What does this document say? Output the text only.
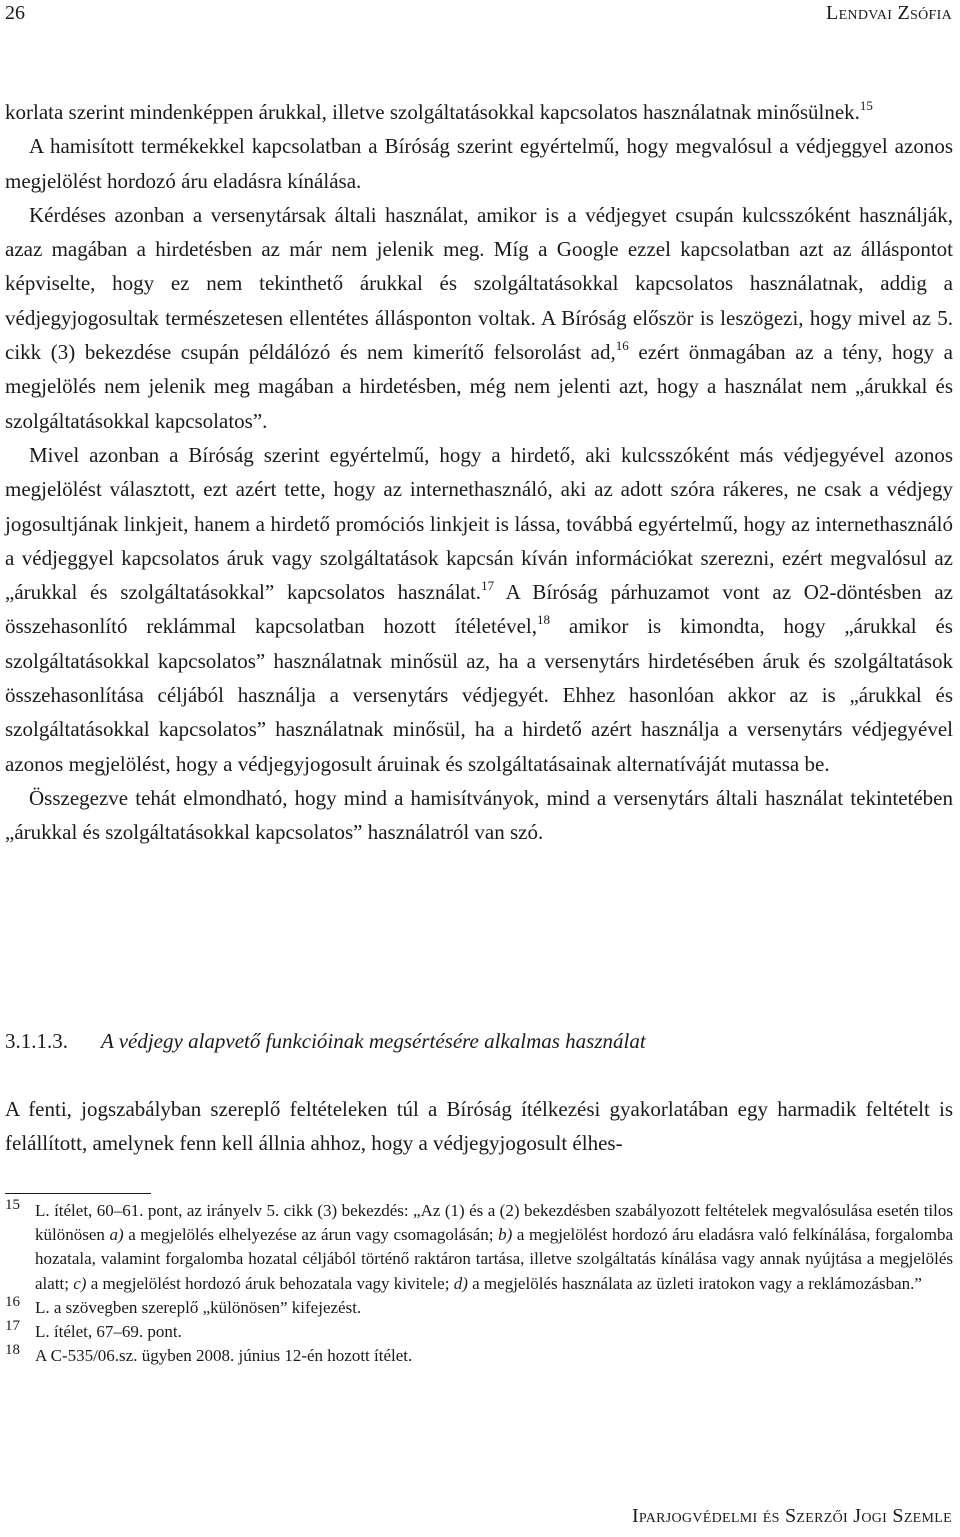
26	Lendvai Zsófia

korlata szerint mindenképpen árukkal, illetve szolgáltatásokkal kapcsolatos használatnak minősülnek.$^{15}$

A hamisított termékekkel kapcsolatban a Bíróság szerint egyértelmű, hogy megvalósul a védjeggyel azonos megjelölést hordozó áru eladásra kínálása.

Kérdéses azonban a versenytársak általi használat, amikor is a védjegyet csupán kulcsszóként használják, azaz magában a hirdetésben az már nem jelenik meg. Míg a Google ezzel kapcsolatban azt az álláspontot képviselte, hogy ez nem tekinthető árukkal és szolgáltatásokkal kapcsolatos használatnak, addig a védjegyjogosultak természetesen ellentétes állásponton voltak. A Bíróság először is leszögezi, hogy mivel az 5. cikk (3) bekezdése csupán példálózó és nem kimerítő felsorolást ad,$^{16}$ ezért önmagában az a tény, hogy a megjelölés nem jelenik meg magában a hirdetésben, még nem jelenti azt, hogy a használat nem „árukkal és szolgáltatásokkal kapcsolatos”.

Mivel azonban a Bíróság szerint egyértelmű, hogy a hirdető, aki kulcsszóként más védjegyével azonos megjelölést választott, ezt azért tette, hogy az internethasználó, aki az adott szóra rákeres, ne csak a védjegy jogosultjának linkjeit, hanem a hirdető promóciós linkjeit is lássa, továbbá egyértelmű, hogy az internethasználó a védjeggyel kapcsolatos áruk vagy szolgáltatások kapcsán kíván információkat szerezni, ezért megvalósul az „árukkal és szolgáltatásokkal” kapcsolatos használat.$^{17}$ A Bíróság párhuzamot vont az O2-döntésben az összehasonlító reklámmal kapcsolatban hozott ítéletével,$^{18}$ amikor is kimondta, hogy „árukkal és szolgáltatásokkal kapcsolatos” használatnak minősül az, ha a versenytárs hirdetésében áruk és szolgáltatások összehasonlítása céljából használja a versenytárs védjegyét. Ehhez hasonlóan akkor az is „árukkal és szolgáltatásokkal kapcsolatos” használatnak minősül, ha a hirdető azért használja a versenytárs védjegyével azonos megjelölést, hogy a védjegyjogosult áruinak és szolgáltatásainak alternatíváját mutassa be.

Összegezve tehát elmondható, hogy mind a hamisítványok, mind a versenytárs általi használat tekintetében „árukkal és szolgáltatásokkal kapcsolatos” használatról van szó.

3.1.1.3. A védjegy alapvető funkcióinak megsértésére alkalmas használat

A fenti, jogszabályban szereplő feltételeken túl a Bíróság ítélkezési gyakorlatában egy harmadik feltételt is felállított, amelynek fenn kell állnia ahhoz, hogy a védjegyjogosult élhes-

15 L. ítélet, 60–61. pont, az irányelv 5. cikk (3) bekezdés: „Az (1) és a (2) bekezdésben szabályozott feltételek megvalósulása esetén tilos különösen a) a megjelölés elhelyezése az árun vagy csomagolásán; b) a megjelölést hordozó áru eladásra való felkínálása, forgalomba hozatala, valamint forgalomba hozatal céljából történő raktáron tartása, illetve szolgáltatás kínálása vagy annak nyújtása a megjelölés alatt; c) a megjelölést hordozó áruk behozatala vagy kivitele; d) a megjelölés használata az üzleti iratokon vagy a reklámozásban.”
16 L. a szövegben szereplő „különösen” kifejezést.
17 L. ítélet, 67–69. pont.
18 A C-535/06.sz. ügyben 2008. június 12-én hozott ítélet.
Iparjogvédelmi és Szerzői Jogi Szemle
